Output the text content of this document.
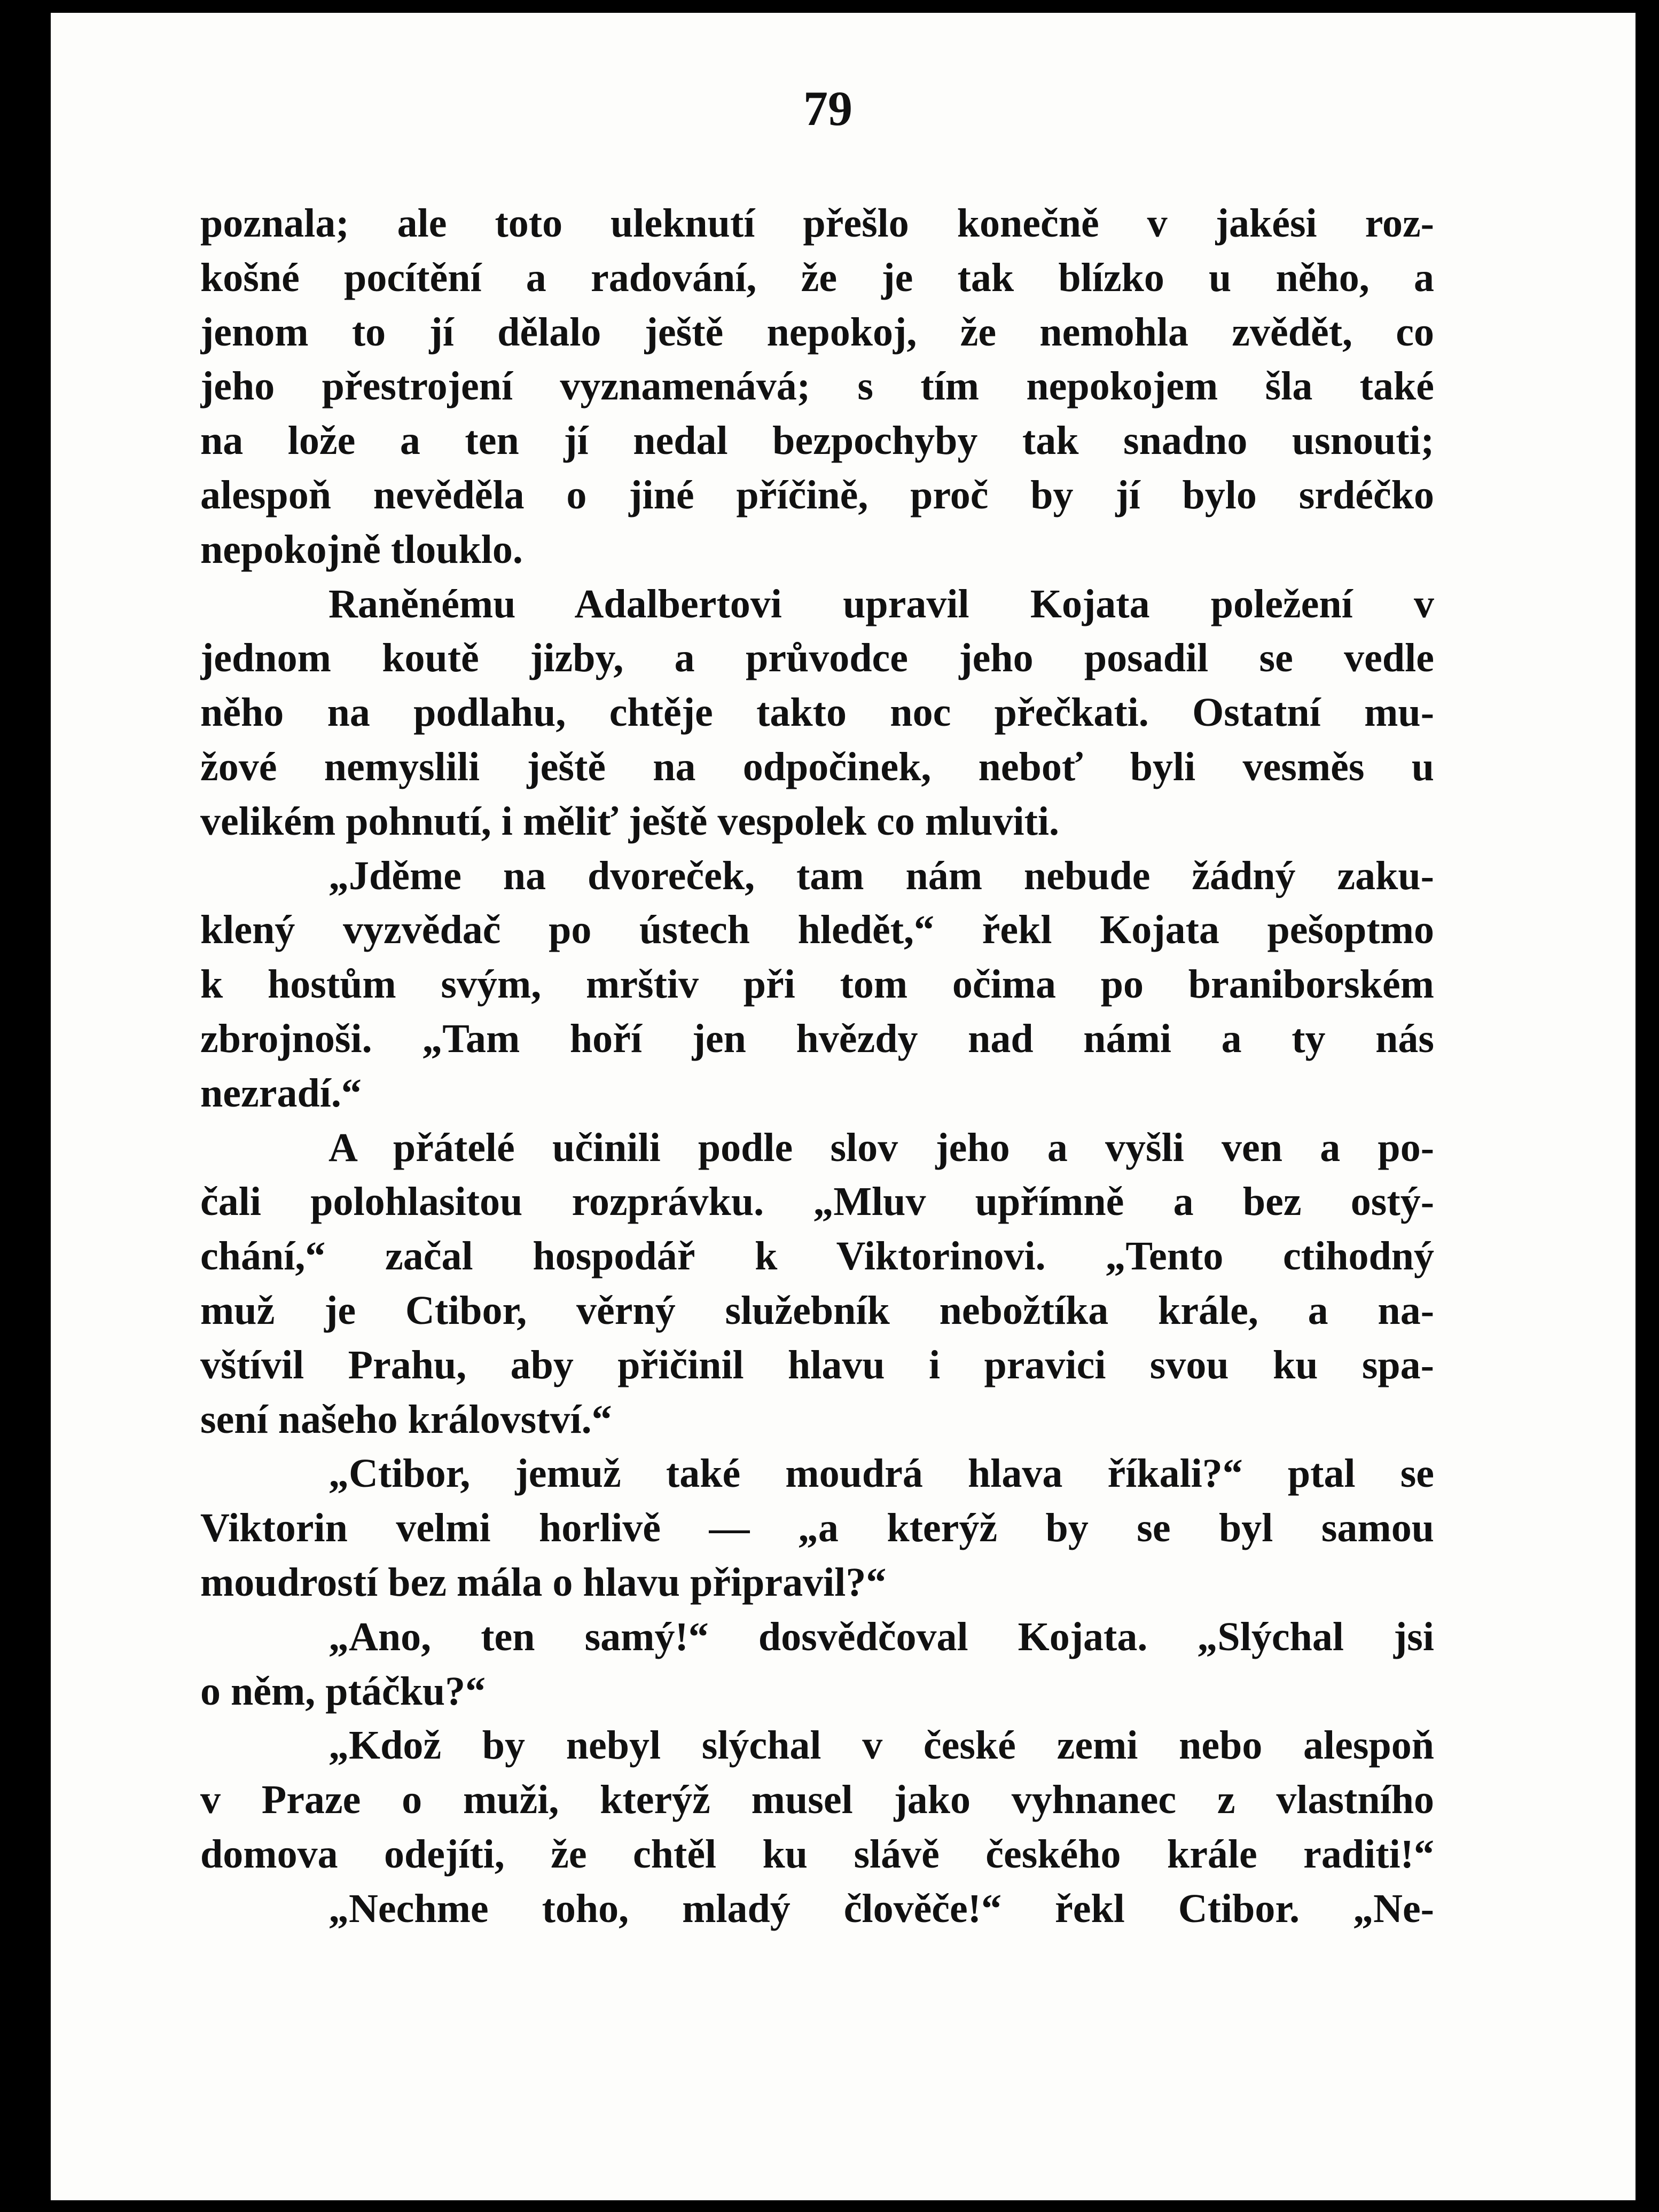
79

poznala; ale toto uleknutí přešlo konečně v jakési roz-
košné pocítění a radování, že je tak blízko u něho, a
jenom to jí dělalo ještě nepokoj, že nemohla zvědět, co
jeho přestrojení vyznamenává; s tím nepokojem šla také
na lože a ten jí nedal bezpochyby tak snadno usnouti;
alespoň nevěděla o jiné příčině, proč by jí bylo srdéčko
nepokojně tlouklo.
Raněnému Adalbertovi upravil Kojata poležení v
jednom koutě jizby, a průvodce jeho posadil se vedle
něho na podlahu, chtěje takto noc přečkati. Ostatní mu-
žové nemyslili ještě na odpočinek, neboť byli vesměs u
velikém pohnutí, i měliť ještě vespolek co mluviti.
„Jděme na dvoreček, tam nám nebude žádný zaku-
klený vyzvědač po ústech hledět,“ řekl Kojata pešoptmo
k hostům svým, mrštiv při tom očima po braniborském
zbrojnoši. „Tam hoří jen hvězdy nad námi a ty nás
nezradí.“
A přátelé učinili podle slov jeho a vyšli ven a po-
čali polohlasitou rozprávku. „Mluv upřímně a bez ostý-
chání,“ začal hospodář k Viktorinovi. „Tento ctihodný
muž je Ctibor, věrný služebník nebožtíka krále, a na-
vštívil Prahu, aby přičinil hlavu i pravici svou ku spa-
sení našeho království.“
„Ctibor, jemuž také moudrá hlava říkali?“ ptal se
Viktorin velmi horlivě — „a kterýž by se byl samou
moudrostí bez mála o hlavu připravil?“
„Ano, ten samý!“ dosvědčoval Kojata. „Slýchal jsi
o něm, ptáčku?“
„Kdož by nebyl slýchal v české zemi nebo alespoň
v Praze o muži, kterýž musel jako vyhnanec z vlastního
domova odejíti, že chtěl ku slávě českého krále raditi!“
„Nechme toho, mladý člověče!“ řekl Ctibor. „Ne-
